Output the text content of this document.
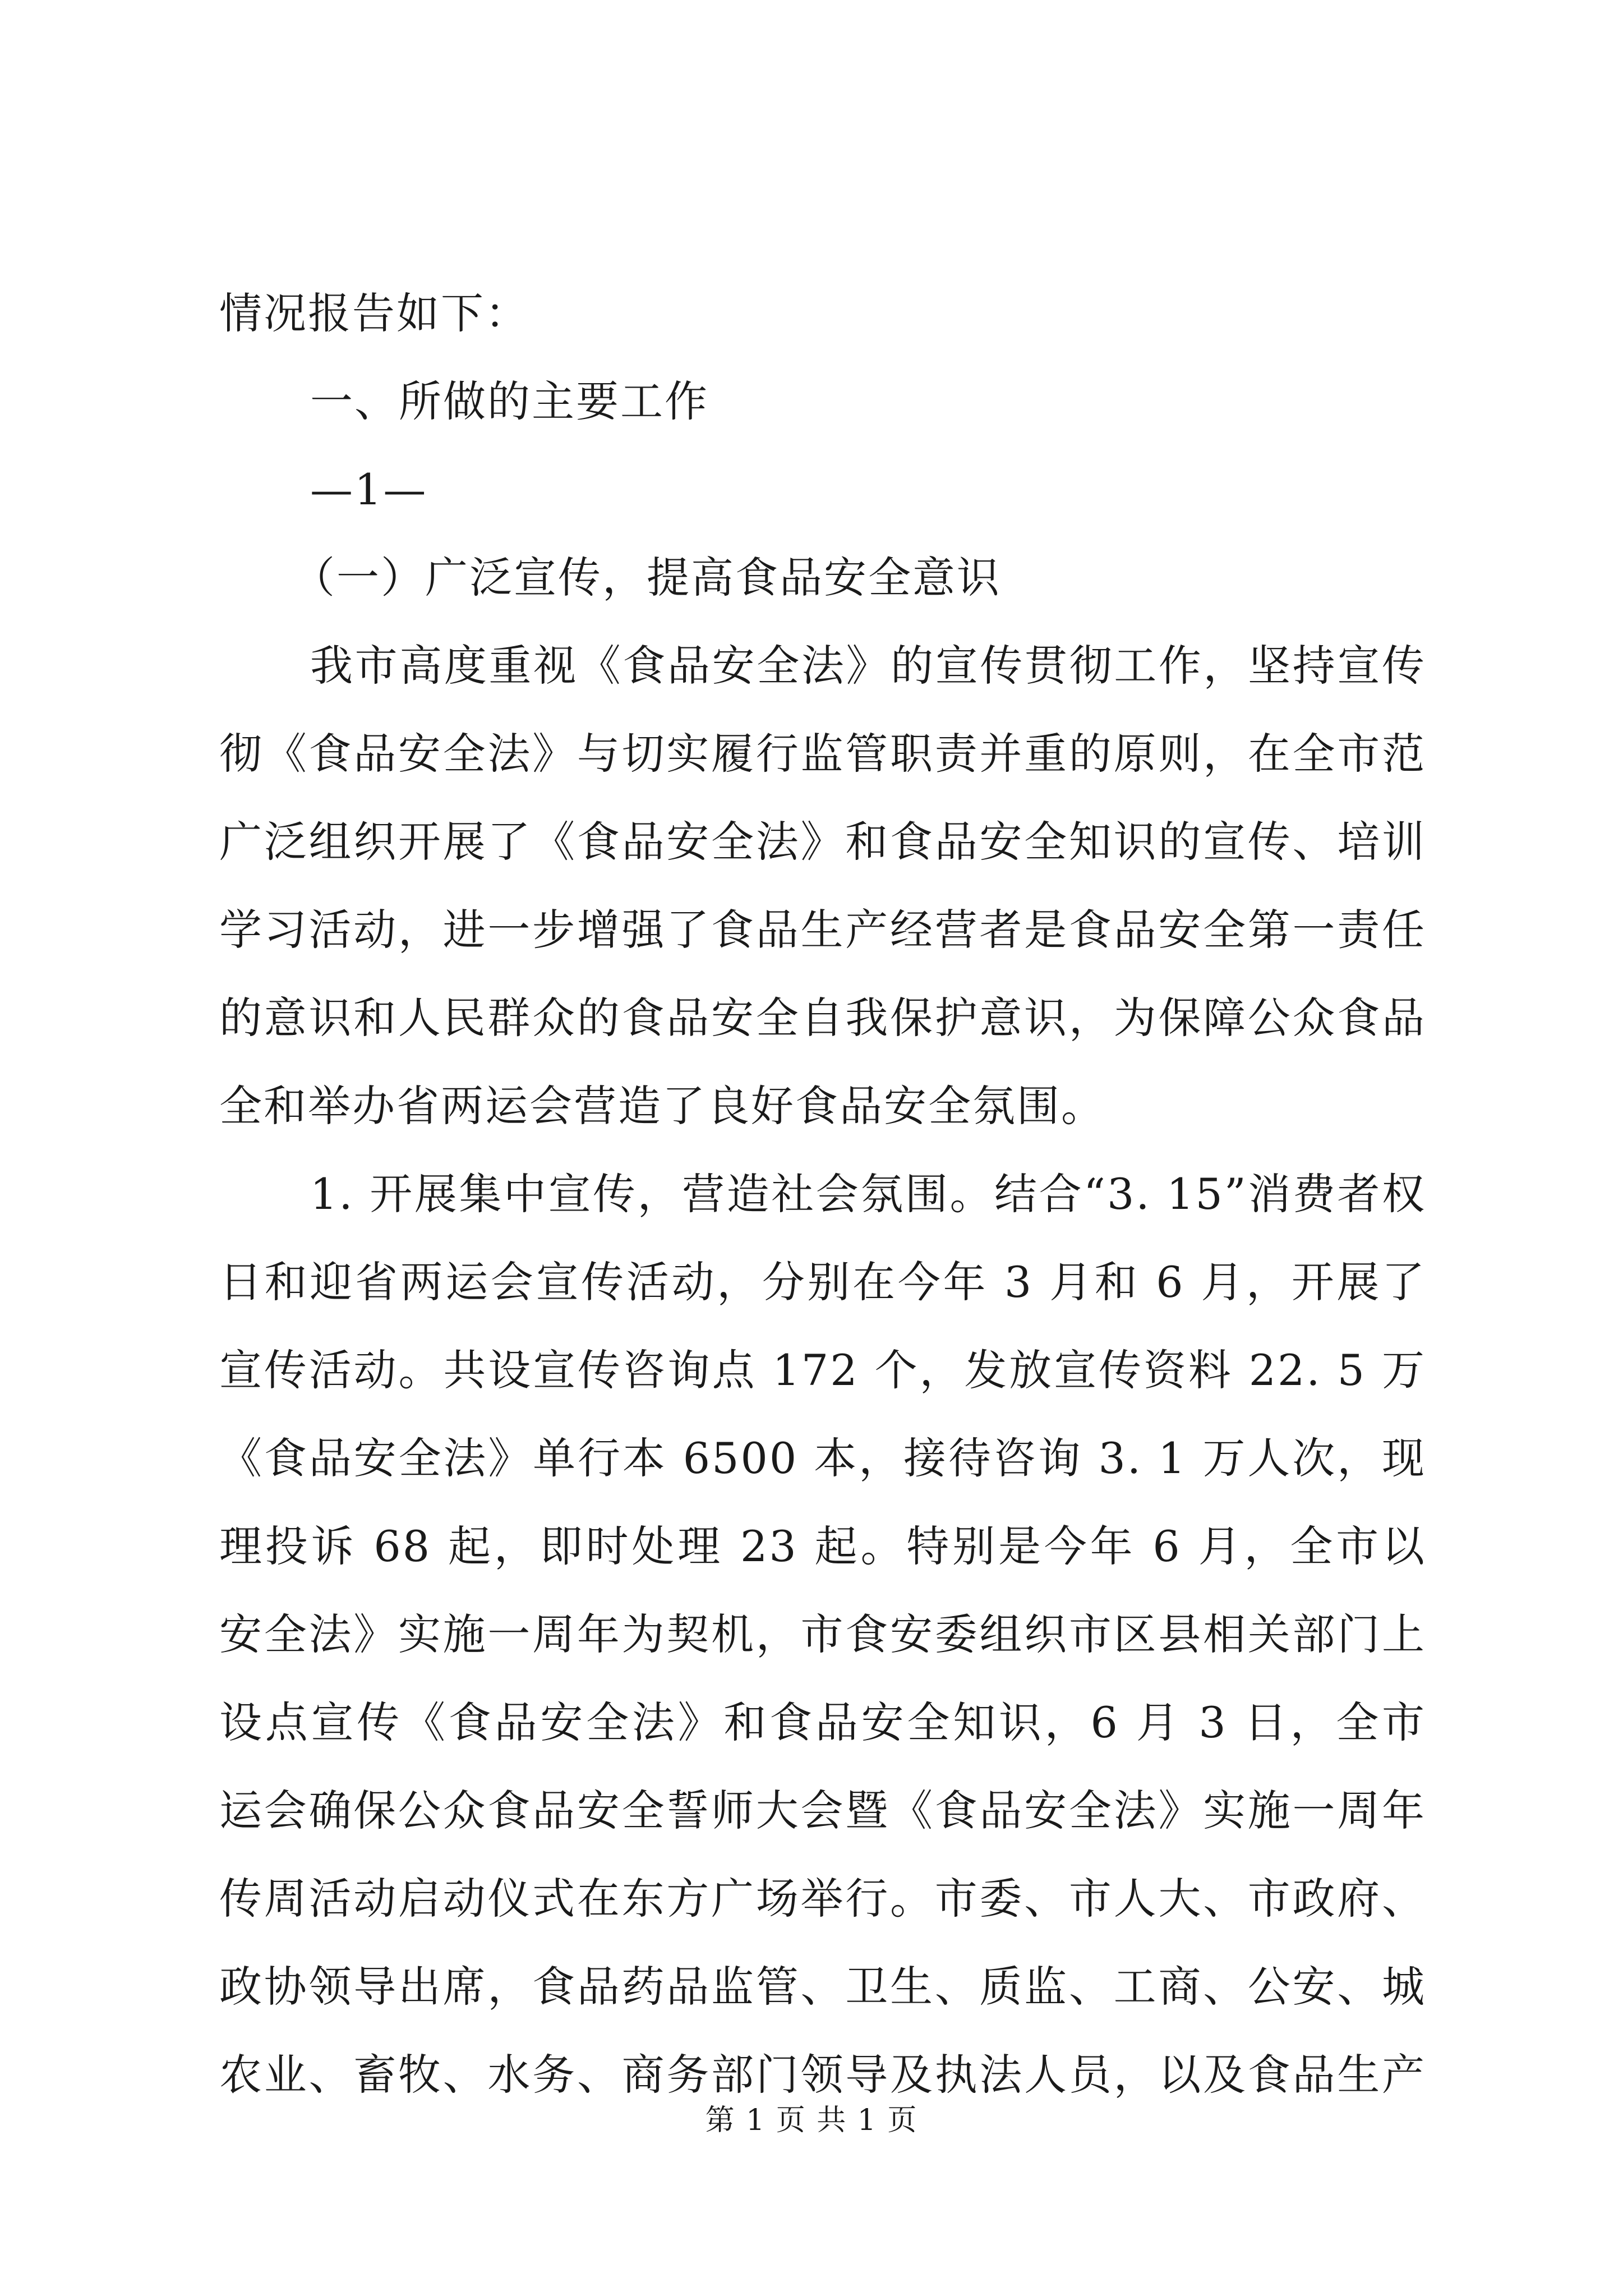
情况报告如下：
一、所做的主要工作
—1—
（一）广泛宣传，提高食品安全意识
我市高度重视《食品安全法》的宣传贯彻工作，坚持宣传
彻《食品安全法》与切实履行监管职责并重的原则，在全市范
广泛组织开展了《食品安全法》和食品安全知识的宣传、培训
学习活动，进一步增强了食品生产经营者是食品安全第一责任
的意识和人民群众的食品安全自我保护意识，为保障公众食品
全和举办省两运会营造了良好食品安全氛围。
1. 开展集中宣传，营造社会氛围。结合“3. 15”消费者权
日和迎省两运会宣传活动，分别在今年 3 月和 6 月，开展了
宣传活动。共设宣传咨询点 172 个，发放宣传资料 22. 5 万
《食品安全法》单行本 6500 本，接待咨询 3. 1 万人次，现
理投诉 68 起，即时处理 23 起。特别是今年 6 月，全市以
安全法》实施一周年为契机，市食安委组织市区县相关部门上
设点宣传《食品安全法》和食品安全知识，6 月 3 日，全市
运会确保公众食品安全誓师大会暨《食品安全法》实施一周年
传周活动启动仪式在东方广场举行。市委、市人大、市政府、
政协领导出席，食品药品监管、卫生、质监、工商、公安、城
农业、畜牧、水务、商务部门领导及执法人员，以及食品生产
第 1 页 共 1 页
